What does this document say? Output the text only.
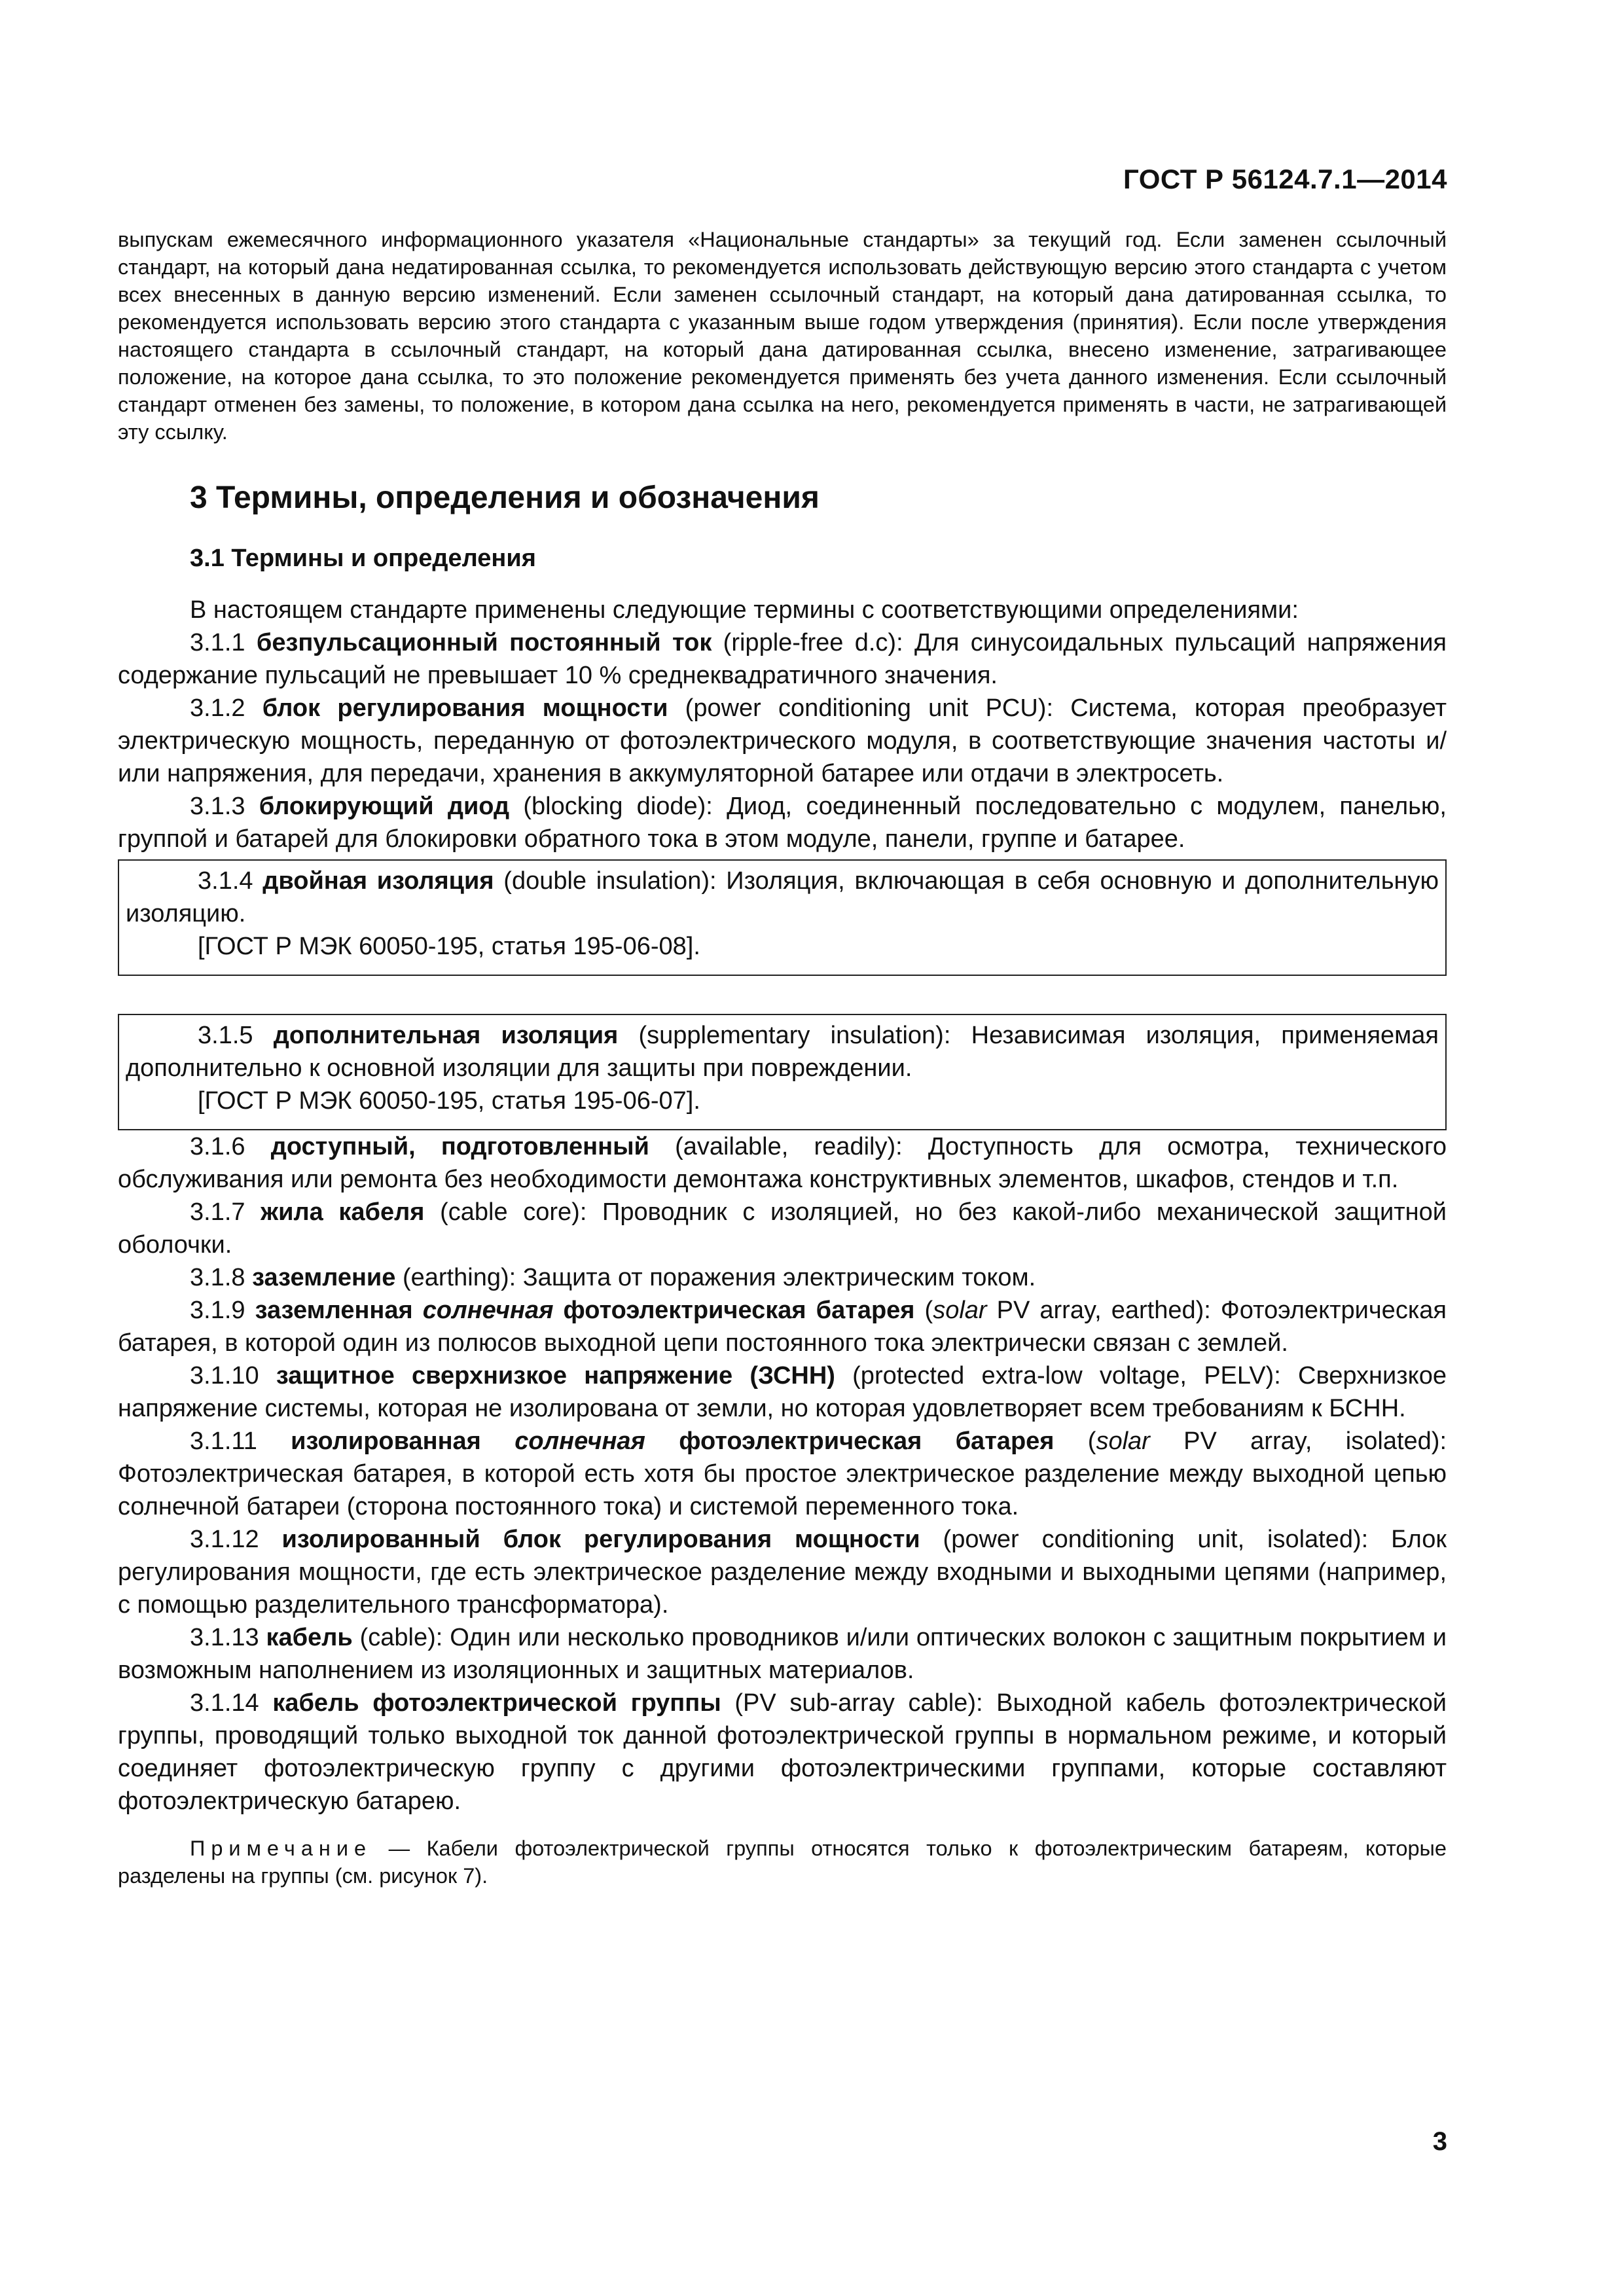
ГОСТ Р 56124.7.1—2014

выпускам ежемесячного информационного указателя «Национальные стандарты» за текущий год. Если заменен ссылочный стандарт, на который дана недатированная ссылка, то рекомендуется использовать действующую версию этого стандарта с учетом всех внесенных в данную версию изменений. Если заменен ссылочный стандарт, на который дана датированная ссылка, то рекомендуется использовать версию этого стандарта с указанным выше годом утверждения (принятия). Если после утверждения настоящего стандарта в ссылочный стандарт, на который дана датированная ссылка, внесено изменение, затрагивающее положение, на которое дана ссылка, то это положение рекомендуется применять без учета данного изменения. Если ссылочный стандарт отменен без замены, то положение, в котором дана ссылка на него, рекомендуется применять в части, не затрагивающей эту ссылку.

3 Термины, определения и обозначения
3.1 Термины и определения

В настоящем стандарте применены следующие термины с соответствующими определениями:

3.1.1 безпульсационный постоянный ток (ripple-free d.c): Для синусоидальных пульсаций напряжения содержание пульсаций не превышает 10 % среднеквадратичного значения.

3.1.2 блок регулирования мощности (power conditioning unit PCU): Система, которая преобразует электрическую мощность, переданную от фотоэлектрического модуля, в соответствующие значения частоты и/или напряжения, для передачи, хранения в аккумуляторной батарее или отдачи в электросеть.

3.1.3 блокирующий диод (blocking diode): Диод, соединенный последовательно с модулем, панелью, группой и батарей для блокировки обратного тока в этом модуле, панели, группе и батарее.

3.1.4 двойная изоляция (double insulation): Изоляция, включающая в себя основную и дополнительную изоляцию.

[ГОСТ Р МЭК 60050-195, статья 195-06-08].

3.1.5 дополнительная изоляция (supplementary insulation): Независимая изоляция, применяемая дополнительно к основной изоляции для защиты при повреждении.

[ГОСТ Р МЭК 60050-195, статья 195-06-07].

3.1.6 доступный, подготовленный (available, readily): Доступность для осмотра, технического обслуживания или ремонта без необходимости демонтажа конструктивных элементов, шкафов, стендов и т.п.

3.1.7 жила кабеля (cable core): Проводник с изоляцией, но без какой-либо механической защитной оболочки.

3.1.8 заземление (earthing): Защита от поражения электрическим током.

3.1.9 заземленная солнечная фотоэлектрическая батарея (solar PV array, earthed): Фотоэлектрическая батарея, в которой один из полюсов выходной цепи постоянного тока электрически связан с землей.

3.1.10 защитное сверхнизкое напряжение (ЗСНН) (protected extra-low voltage, PELV): Сверхнизкое напряжение системы, которая не изолирована от земли, но которая удовлетворяет всем требованиям к БСНН.

3.1.11 изолированная солнечная фотоэлектрическая батарея (solar PV array, isolated): Фотоэлектрическая батарея, в которой есть хотя бы простое электрическое разделение между выходной цепью солнечной батареи (сторона постоянного тока) и системой переменного тока.

3.1.12 изолированный блок регулирования мощности (power conditioning unit, isolated): Блок регулирования мощности, где есть электрическое разделение между входными и выходными цепями (например, с помощью разделительного трансформатора).

3.1.13 кабель (cable): Один или несколько проводников и/или оптических волокон с защитным покрытием и возможным наполнением из изоляционных и защитных материалов.

3.1.14 кабель фотоэлектрической группы (PV sub-array cable): Выходной кабель фотоэлектрической группы, проводящий только выходной ток данной фотоэлектрической группы в нормальном режиме, и который соединяет фотоэлектрическую группу с другими фотоэлектрическими группами, которые составляют фотоэлектрическую батарею.

Примечание — Кабели фотоэлектрической группы относятся только к фотоэлектрическим батареям, которые разделены на группы (см. рисунок 7).

3
